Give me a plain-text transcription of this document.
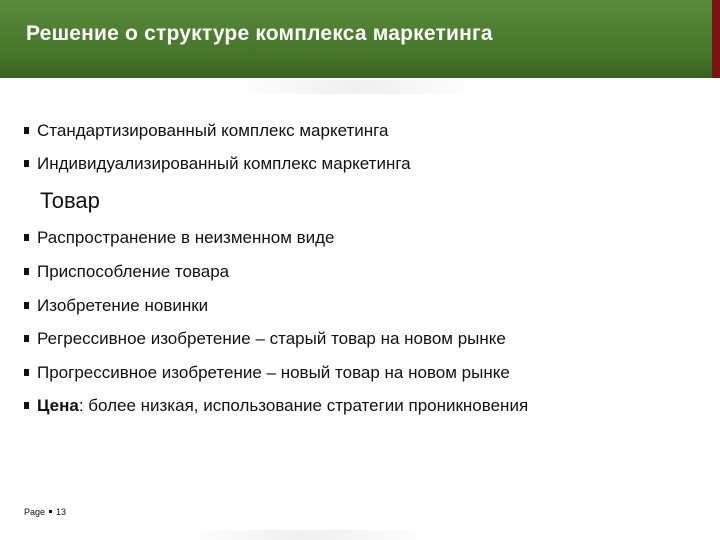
Решение о структуре комплекса маркетинга
Стандартизированный комплекс маркетинга
Индивидуализированный комплекс маркетинга
Распространение в неизменном виде
Приспособление товара
Изобретение новинки
Регрессивное изобретение – старый товар на новом рынке
Прогрессивное изобретение – новый товар на новом рынке
Цена: более низкая, использование стратегии проникновения
Товар
Page 13
